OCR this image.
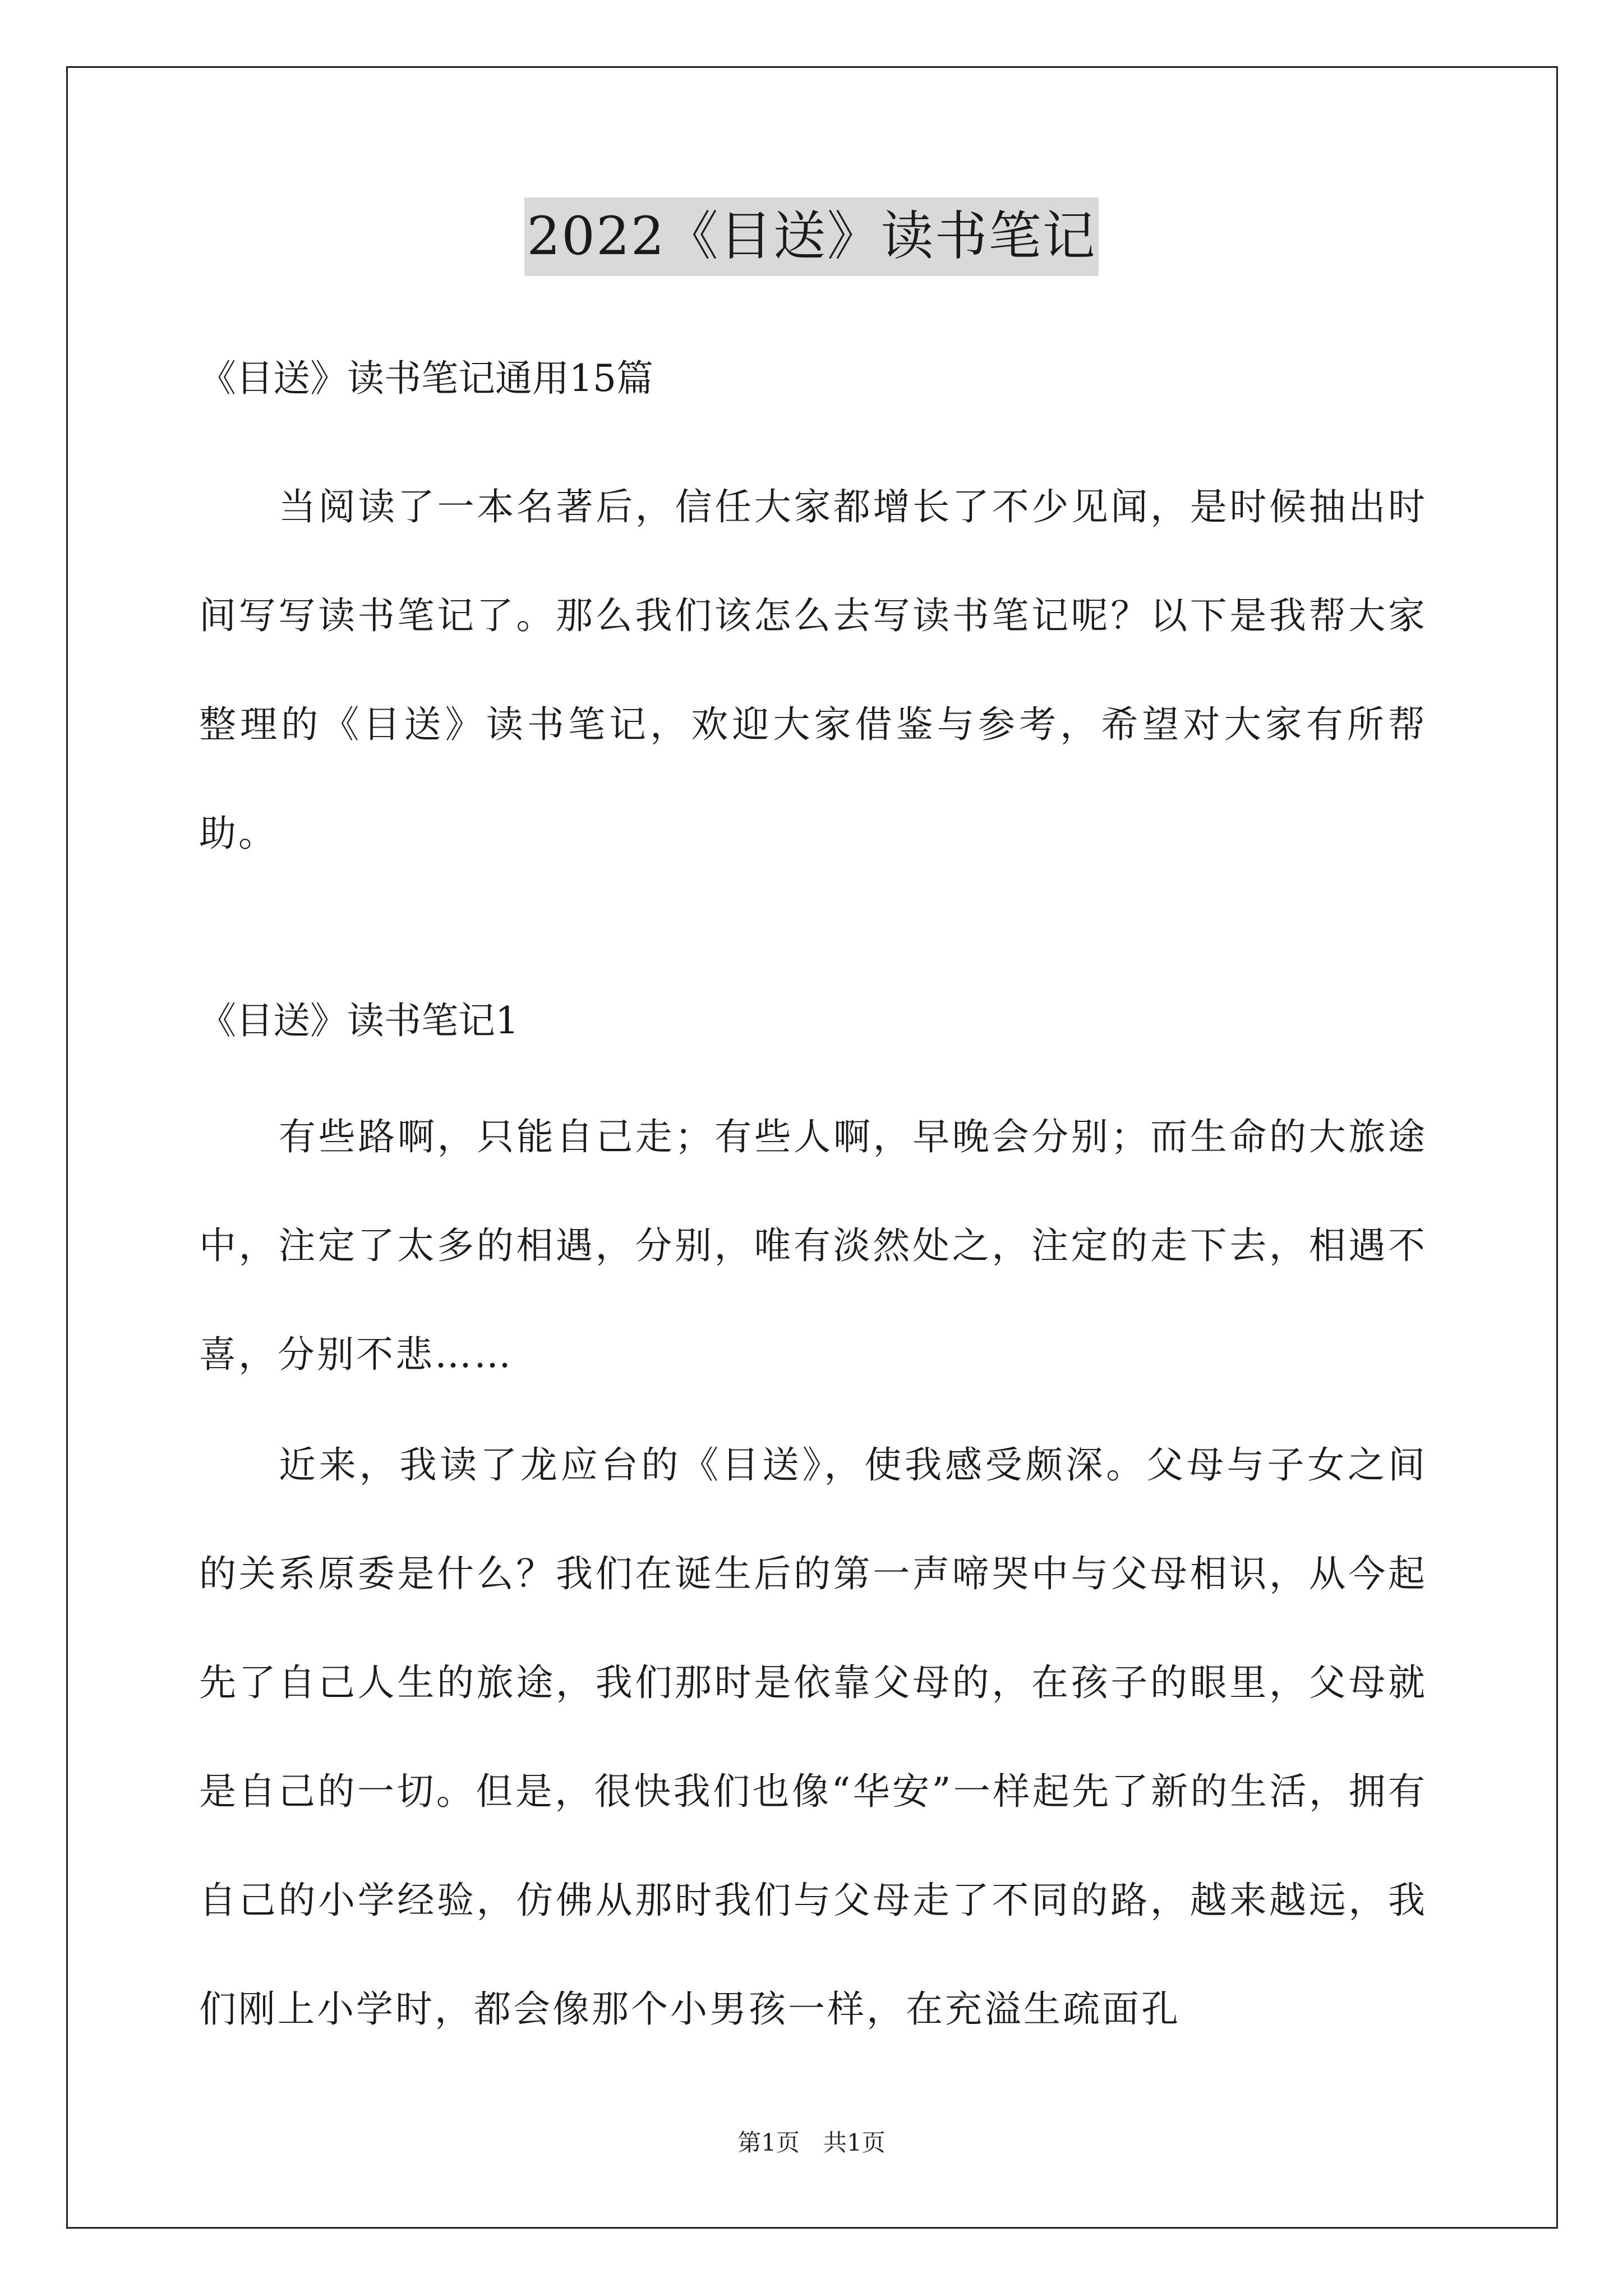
2022《目送》读书笔记
《目送》读书笔记通用15篇

当阅读了一本名著后，信任大家都增长了不少见闻，是时候抽出时间写写读书笔记了。那么我们该怎么去写读书笔记呢？以下是我帮大家整理的《目送》读书笔记，欢迎大家借鉴与参考，希望对大家有所帮助。

《目送》读书笔记1

有些路啊，只能自己走；有些人啊，早晚会分别；而生命的大旅途中，注定了太多的相遇，分别，唯有淡然处之，注定的走下去，相遇不喜，分别不悲……

近来，我读了龙应台的《目送》，使我感受颇深。父母与子女之间的关系原委是什么？我们在诞生后的第一声啼哭中与父母相识，从今起先了自己人生的旅途，我们那时是依靠父母的，在孩子的眼里，父母就是自己的一切。但是，很快我们也像“华安”一样起先了新的生活，拥有自己的小学经验，仿佛从那时我们与父母走了不同的路，越来越远，我们刚上小学时，都会像那个小男孩一样，在充溢生疏面孔

第1页　共1页
